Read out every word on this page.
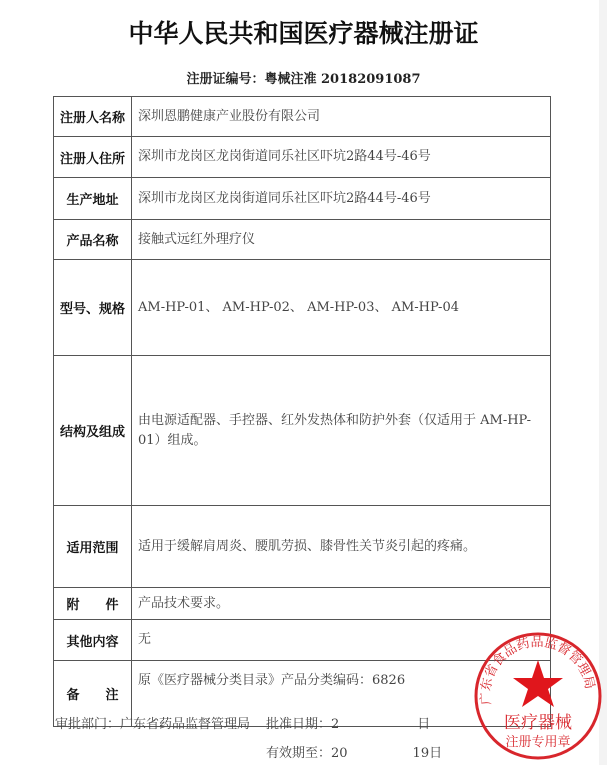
中华人民共和国医疗器械注册证
注册证编号：粤械注准 20182091087
注册人名称	深圳恩鹏健康产业股份有限公司
注册人住所	深圳市龙岗区龙岗街道同乐社区吓坑2路44号-46号
生产地址	深圳市龙岗区龙岗街道同乐社区吓坑2路44号-46号
产品名称	接触式远红外理疗仪
型号、规格	AM-HP-01、 AM-HP-02、 AM-HP-03、 AM-HP-04
结构及组成	由电源适配器、手控器、红外发热体和防护外套（仅适用于 AM-HP-01）组成。
适用范围	适用于缓解肩周炎、腰肌劳损、膝骨性关节炎引起的疼痛。
附　　件	产品技术要求。
其他内容	无
备　　注	原《医疗器械分类目录》产品分类编码：6826
审批部门：广东省药品监督管理局 批准日期：2　　　　　　日
有效期至：20　　　　　19日
广东省食品药品监督管理局
医疗器械
注册专用章
